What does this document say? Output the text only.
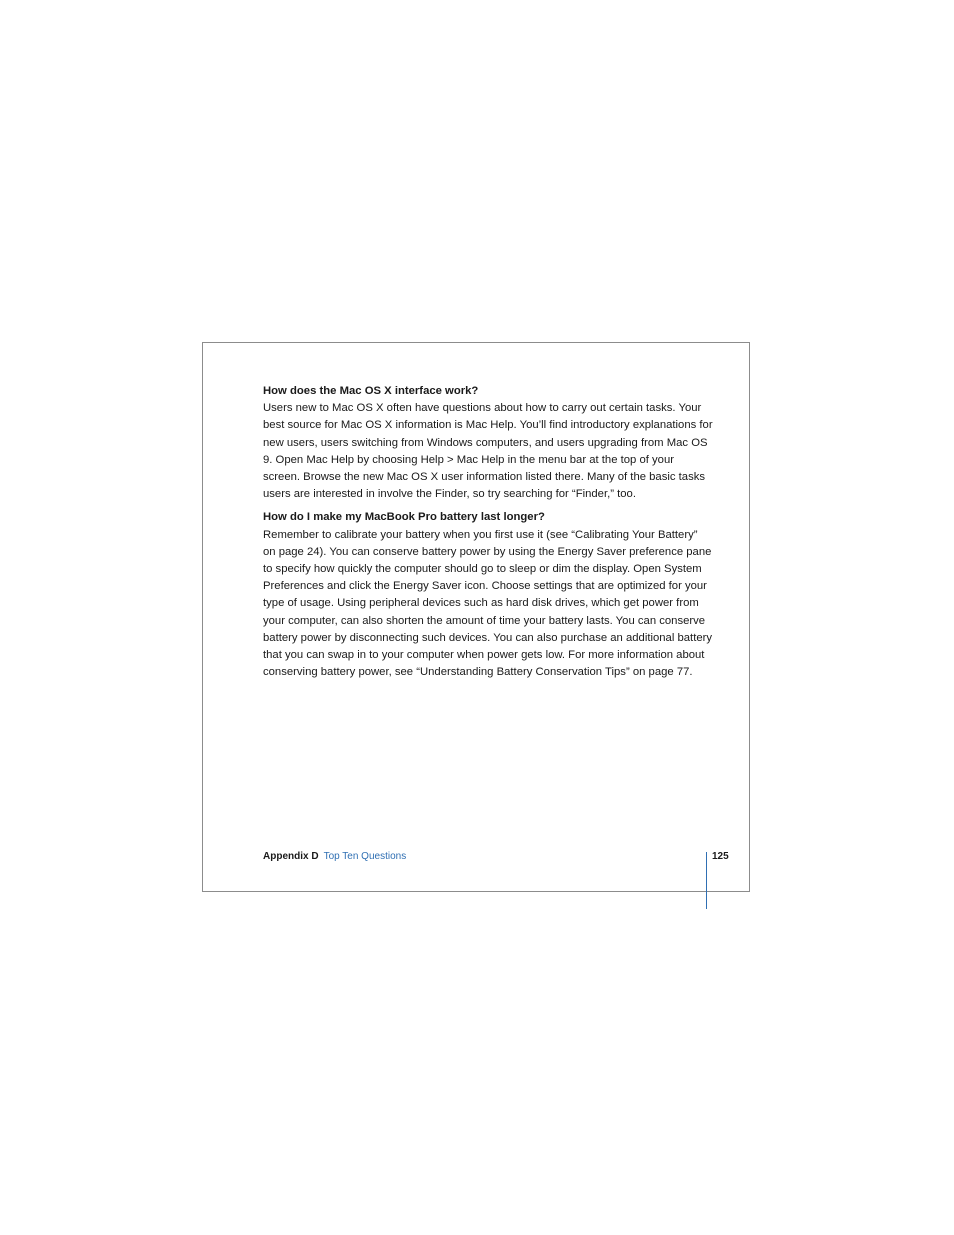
How does the Mac OS X interface work?

Users new to Mac OS X often have questions about how to carry out certain tasks. Your best source for Mac OS X information is Mac Help. You’ll find introductory explanations for new users, users switching from Windows computers, and users upgrading from Mac OS 9. Open Mac Help by choosing Help > Mac Help in the menu bar at the top of your screen. Browse the new Mac OS X user information listed there. Many of the basic tasks users are interested in involve the Finder, so try searching for “Finder,” too.

How do I make my MacBook Pro battery last longer?

Remember to calibrate your battery when you first use it (see “Calibrating Your Battery” on page 24). You can conserve battery power by using the Energy Saver preference pane to specify how quickly the computer should go to sleep or dim the display. Open System Preferences and click the Energy Saver icon. Choose settings that are optimized for your type of usage. Using peripheral devices such as hard disk drives, which get power from your computer, can also shorten the amount of time your battery lasts. You can conserve battery power by disconnecting such devices. You can also purchase an additional battery that you can swap in to your computer when power gets low. For more information about conserving battery power, see “Understanding Battery Conservation Tips” on page 77.

Appendix D Top Ten Questions	125
